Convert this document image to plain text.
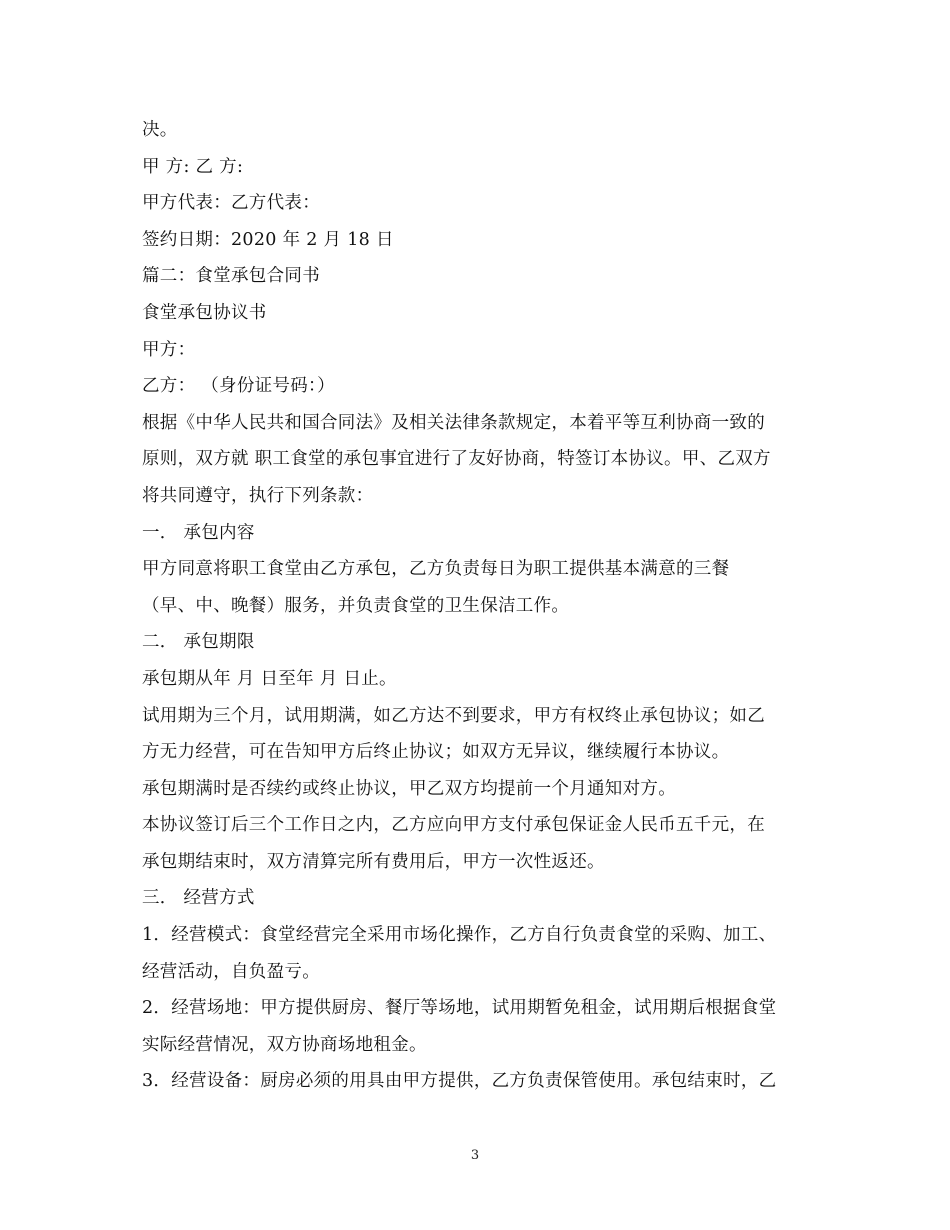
决。
甲 方: 乙 方:
甲方代表：乙方代表：
签约日期：2020 年 2 月 18 日
篇二：食堂承包合同书
食堂承包协议书
甲方：
乙方： （身份证号码：）
根据《中华人民共和国合同法》及相关法律条款规定，本着平等互利协商一致的
原则，双方就 职工食堂的承包事宜进行了友好协商，特签订本协议。甲、乙双方
将共同遵守，执行下列条款：
一． 承包内容
甲方同意将职工食堂由乙方承包，乙方负责每日为职工提供基本满意的三餐
（早、中、晚餐）服务，并负责食堂的卫生保洁工作。
二． 承包期限
承包期从年 月 日至年 月 日止。
试用期为三个月，试用期满，如乙方达不到要求，甲方有权终止承包协议；如乙
方无力经营，可在告知甲方后终止协议；如双方无异议，继续履行本协议。
承包期满时是否续约或终止协议，甲乙双方均提前一个月通知对方。
本协议签订后三个工作日之内，乙方应向甲方支付承包保证金人民币五千元，在
承包期结束时，双方清算完所有费用后，甲方一次性返还。
三． 经营方式
1．经营模式：食堂经营完全采用市场化操作，乙方自行负责食堂的采购、加工、
经营活动，自负盈亏。
2．经营场地：甲方提供厨房、餐厅等场地，试用期暂免租金，试用期后根据食堂
实际经营情况，双方协商场地租金。
3．经营设备：厨房必须的用具由甲方提供，乙方负责保管使用。承包结束时，乙
3
